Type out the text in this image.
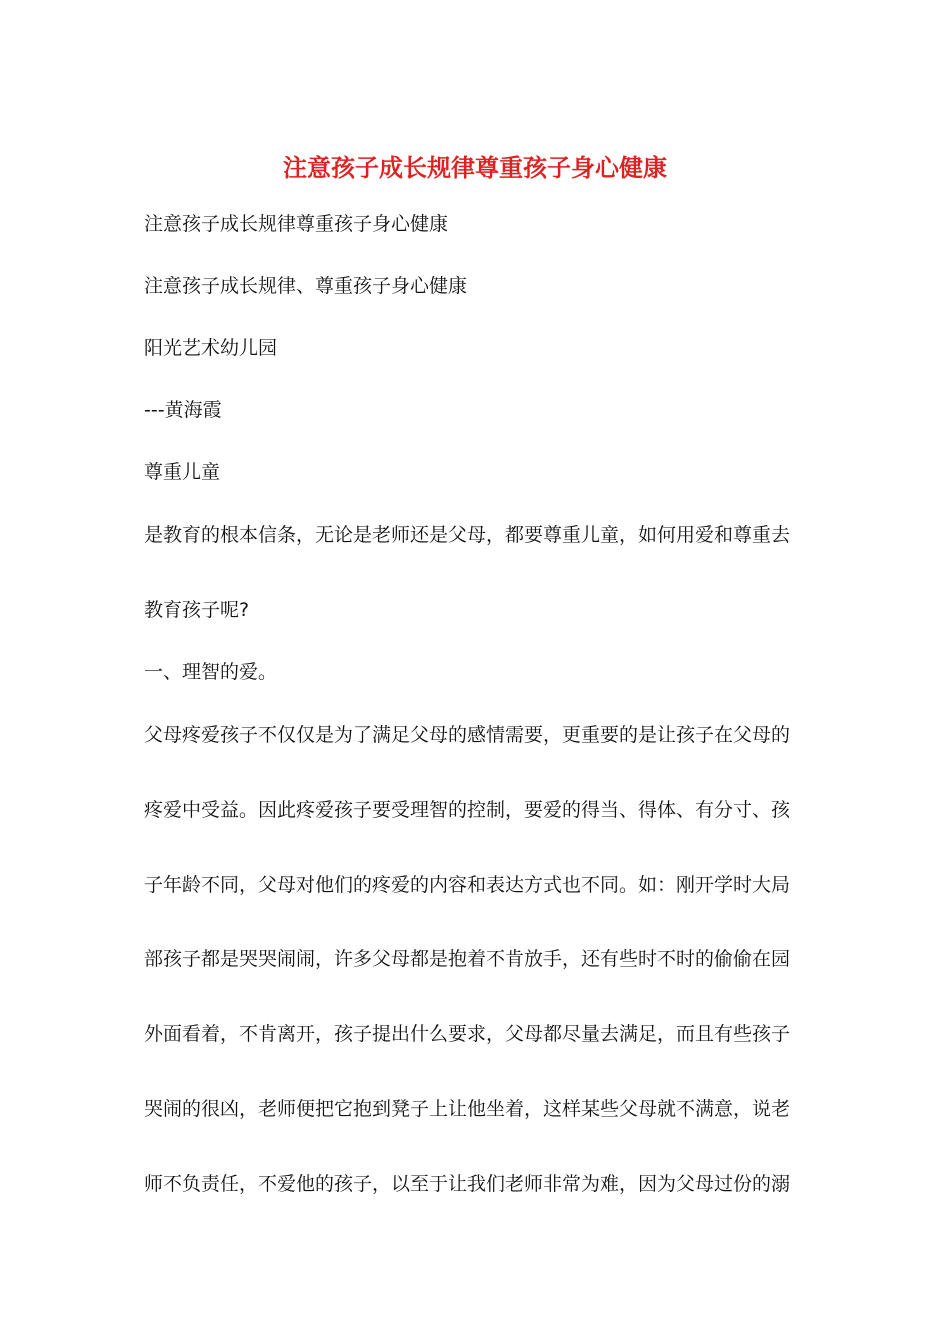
注意孩子成长规律尊重孩子身心健康
注意孩子成长规律尊重孩子身心健康
注意孩子成长规律、尊重孩子身心健康
阳光艺术幼儿园
---黄海霞
尊重儿童
是教育的根本信条，无论是老师还是父母，都要尊重儿童，如何用爱和尊重去
教育孩子呢?
一、理智的爱。
父母疼爱孩子不仅仅是为了满足父母的感情需要，更重要的是让孩子在父母的
疼爱中受益。因此疼爱孩子要受理智的控制，要爱的得当、得体、有分寸、孩
子年龄不同，父母对他们的疼爱的内容和表达方式也不同。如：刚开学时大局
部孩子都是哭哭闹闹，许多父母都是抱着不肯放手，还有些时不时的偷偷在园
外面看着，不肯离开，孩子提出什么要求，父母都尽量去满足，而且有些孩子
哭闹的很凶，老师便把它抱到凳子上让他坐着，这样某些父母就不满意，说老
师不负责任，不爱他的孩子，以至于让我们老师非常为难，因为父母过份的溺
